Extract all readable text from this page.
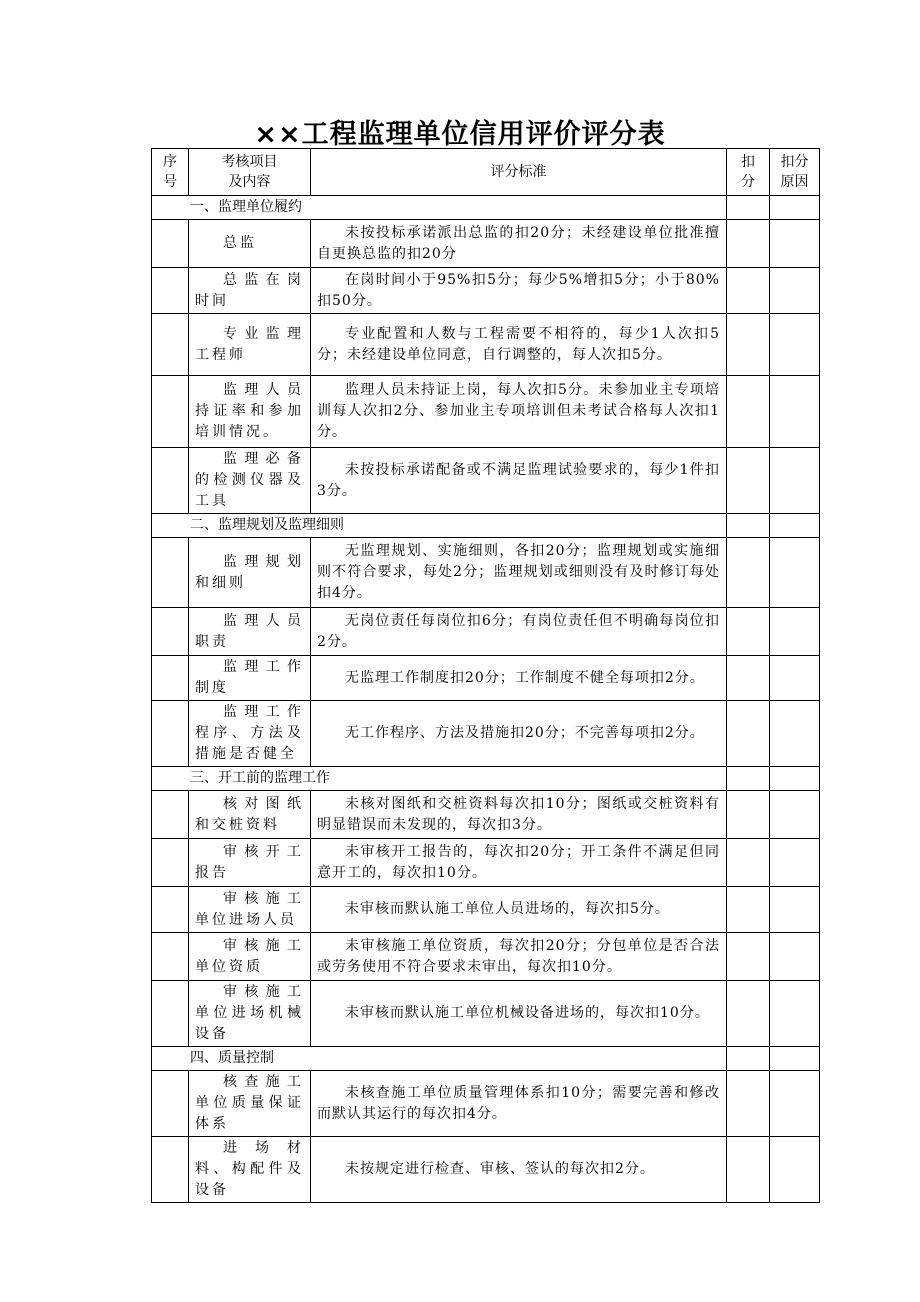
××工程监理单位信用评价评分表
序号	考核项目及内容	评分标准	扣分	扣分原因
一、监理单位履约				
	总监	未按投标承诺派出总监的扣20分；未经建设单位批准擅自更换总监的扣20分		
	总监在岗时间	在岗时间小于95%扣5分；每少5%增扣5分；小于80%扣50分。		
	专业监理工程师	专业配置和人数与工程需要不相符的，每少1人次扣5分；未经建设单位同意，自行调整的，每人次扣5分。		
	监理人员持证率和参加培训情况。	监理人员未持证上岗，每人次扣5分。未参加业主专项培训每人次扣2分、参加业主专项培训但未考试合格每人次扣1分。		
	监理必备的检测仪器及工具	未按投标承诺配备或不满足监理试验要求的，每少1件扣3分。		
二、监理规划及监理细则				
	监理规划和细则	无监理规划、实施细则，各扣20分；监理规划或实施细则不符合要求，每处2分；监理规划或细则没有及时修订每处扣4分。		
	监理人员职责	无岗位责任每岗位扣6分；有岗位责任但不明确每岗位扣2分。		
	监理工作制度	无监理工作制度扣20分；工作制度不健全每项扣2分。		
	监理工作程序、方法及措施是否健全	无工作程序、方法及措施扣20分；不完善每项扣2分。		
三、开工前的监理工作				
	核对图纸和交桩资料	未核对图纸和交桩资料每次扣10分；图纸或交桩资料有明显错误而未发现的，每次扣3分。		
	审核开工报告	未审核开工报告的，每次扣20分；开工条件不满足但同意开工的，每次扣10分。		
	审核施工单位进场人员	未审核而默认施工单位人员进场的，每次扣5分。		
	审核施工单位资质	未审核施工单位资质，每次扣20分；分包单位是否合法或劳务使用不符合要求未审出，每次扣10分。		
	审核施工单位进场机械设备	未审核而默认施工单位机械设备进场的，每次扣10分。		
四、质量控制				
	核查施工单位质量保证体系	未核查施工单位质量管理体系扣10分；需要完善和修改而默认其运行的每次扣4分。		
	进场材料、构配件及设备	未按规定进行检查、审核、签认的每次扣2分。		
